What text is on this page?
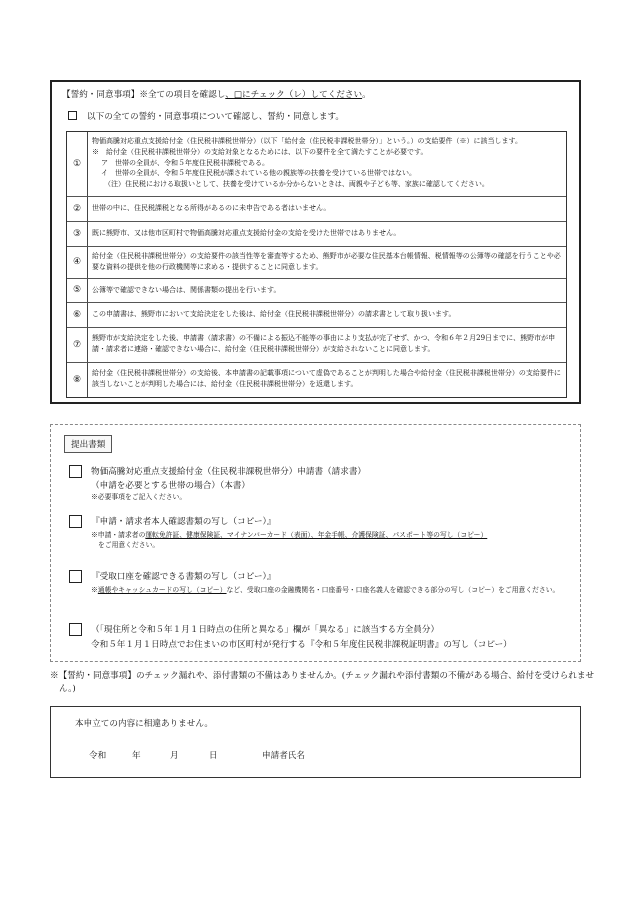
【誓約・同意事項】※全ての項目を確認し、□にチェック（レ）してください。
以下の全ての誓約・同意事項について確認し、誓約・同意します。
①

物価高騰対応重点支援給付金（住民税非課税世帯分）（以下「給付金（住民税非課税世帯分）」という。）の支給要件（※）に該当します。

※　給付金（住民税非課税世帯分）の支給対象となるためには、以下の要件を全て満たすことが必要です。

ア　世帯の全員が、令和５年度住民税非課税である。

イ　世帯の全員が、令和５年度住民税が課されている他の親族等の扶養を受けている世帯ではない。

（注）住民税における取扱いとして、扶養を受けているか分からないときは、両親や子ども等、家族に確認してください。

②	世帯の中に、住民税課税となる所得があるのに未申告である者はいません。

③	既に熊野市、又は他市区町村で物価高騰対応重点支援給付金の支給を受けた世帯ではありません。

④

給付金（住民税非課税世帯分）の支給要件の該当性等を審査等するため、熊野市が必要な住民基本台帳情報、税情報等の公簿等の確認を行うことや必要な資料の提供を他の行政機関等に求める・提供することに同意します。

⑤	公簿等で確認できない場合は、関係書類の提出を行います。

⑥	この申請書は、熊野市において支給決定をした後は、給付金（住民税非課税世帯分）の請求書として取り扱います。

⑦

熊野市が支給決定をした後、申請書（請求書）の不備による振込不能等の事由により支払が完了せず、かつ、令和６年２月29日までに、熊野市が申請・請求者に連絡・確認できない場合に、給付金（住民税非課税世帯分）が支給されないことに同意します。

⑧

給付金（住民税非課税世帯分）の支給後、本申請書の記載事項について虚偽であることが判明した場合や給付金（住民税非課税世帯分）の支給要件に該当しないことが判明した場合には、給付金（住民税非課税世帯分）を返還します。

提出書類
物価高騰対応重点支援給付金（住民税非課税世帯分）申請書（請求書）
（申請を必要とする世帯の場合）（本書）
※必要事項をご記入ください。
『申請・請求者本人確認書類の写し（コピー）』
※申請・請求者の運転免許証、健康保険証、マイナンバーカード（表面）、年金手帳、介護保険証、パスポート等の写し（コピー）
をご用意ください。
『受取口座を確認できる書類の写し（コピー）』
※通帳やキャッシュカードの写し（コピー）など、受取口座の金融機関名・口座番号・口座名義人を確認できる部分の写し（コピー）をご用意ください。
（「現住所と令和５年１月１日時点の住所と異なる」欄が「異なる」に該当する方全員分）
令和５年１月１日時点でお住まいの市区町村が発行する『令和５年度住民税非課税証明書』の写し（コピー）
※【誓約・同意事項】のチェック漏れや、添付書類の不備はありませんか。(チェック漏れや添付書類の不備がある場合、給付を受けられません。)
本申立ての内容に相違ありません。
令和	年	月	日	申請者氏名
